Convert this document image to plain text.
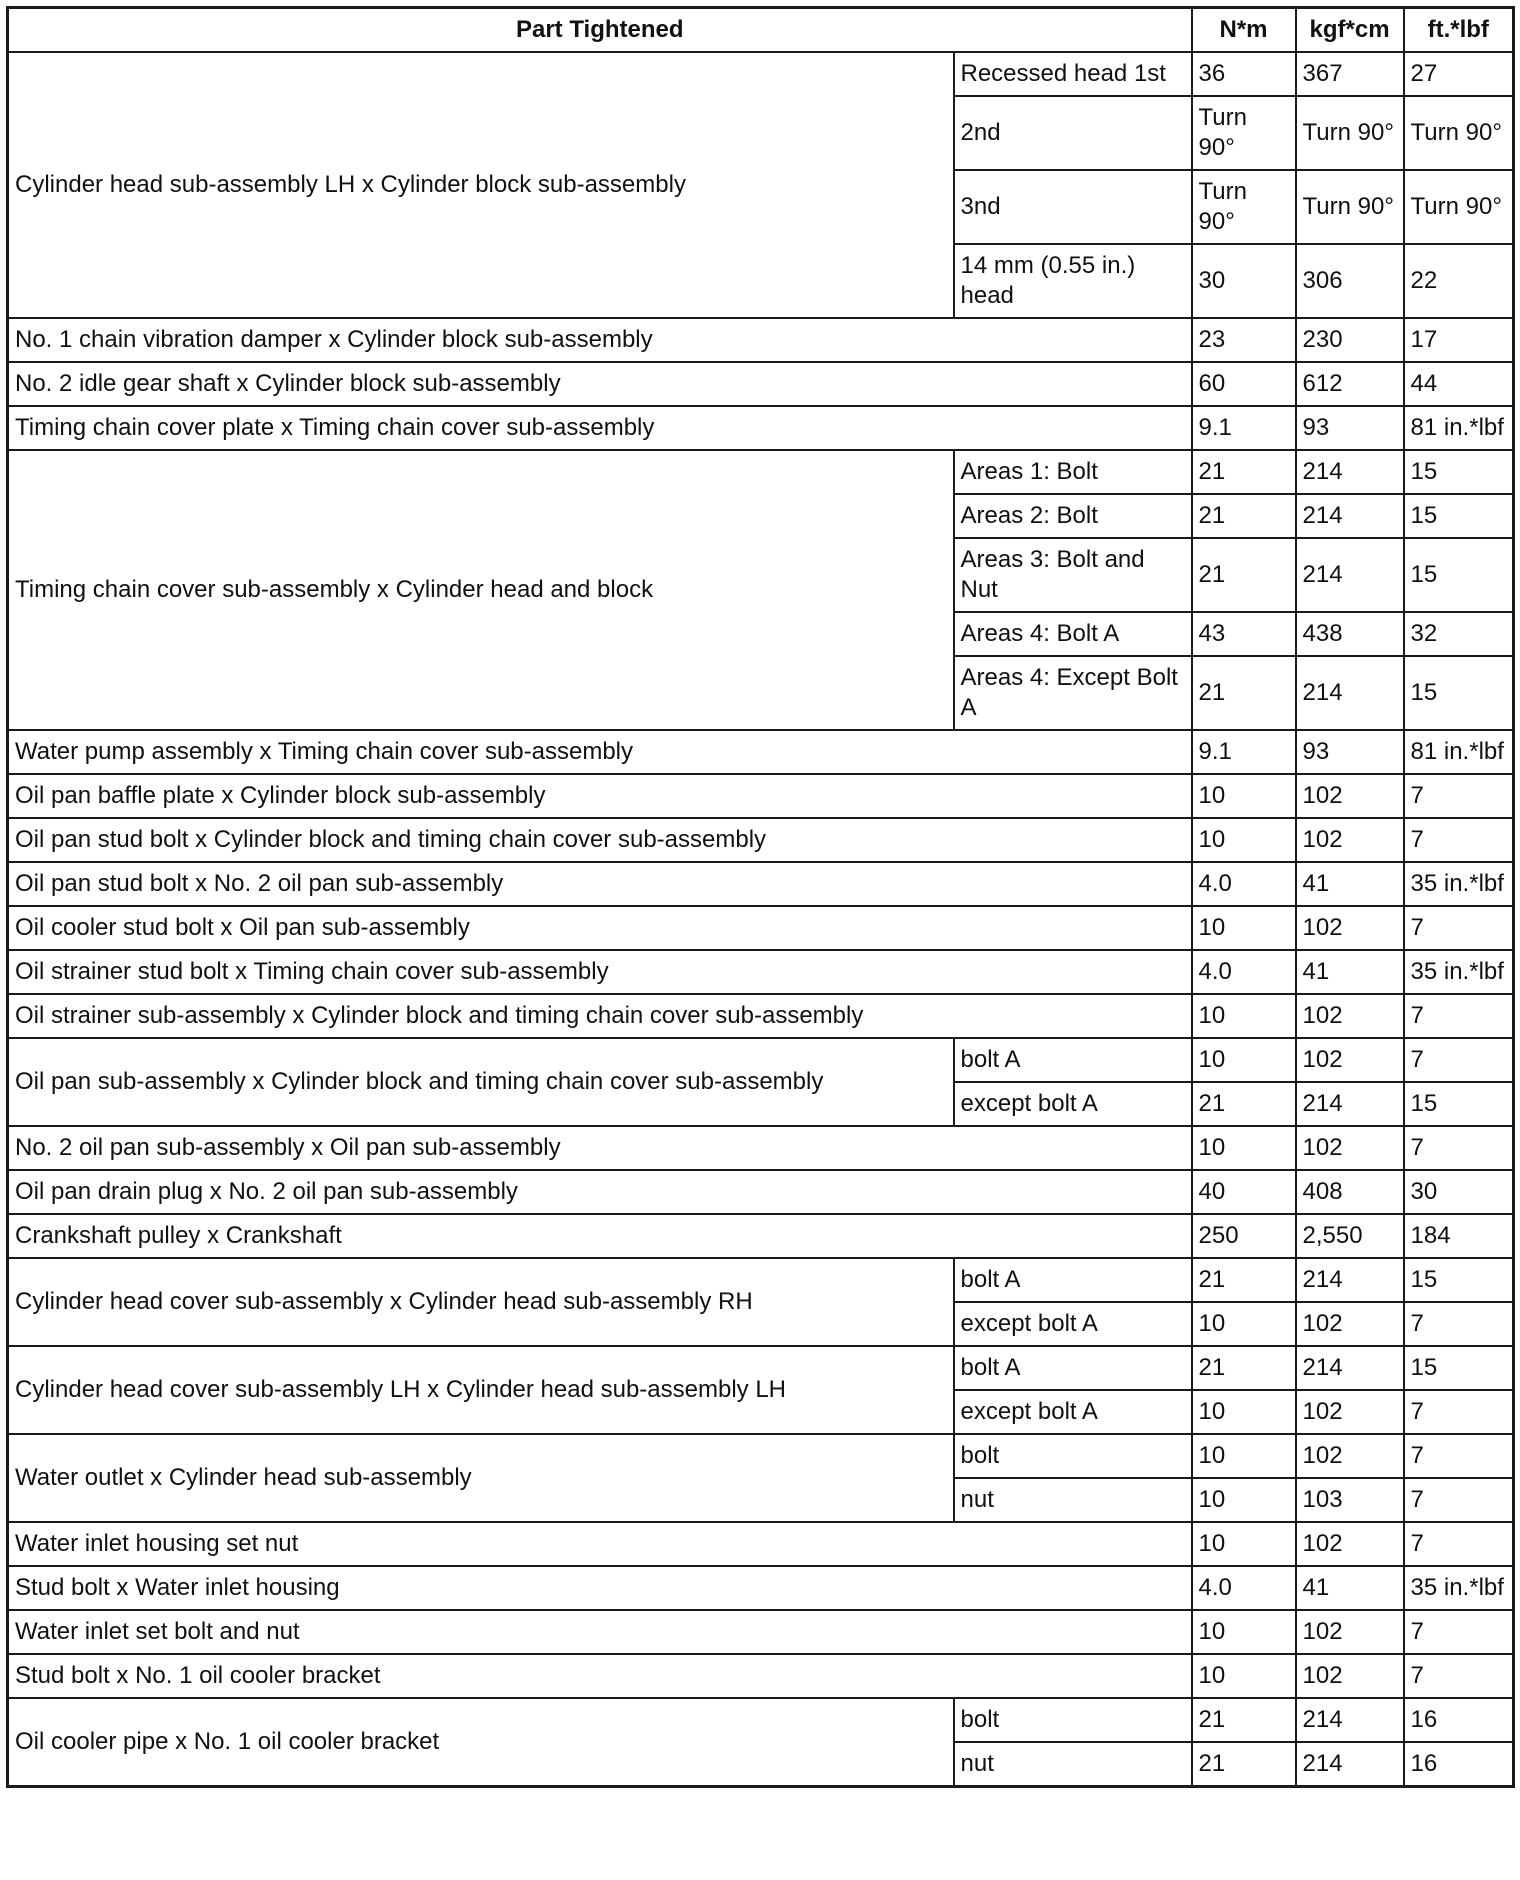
Part Tightened		N*m	kgf*cm	ft.*lbf
Cylinder head sub-assembly LH x Cylinder block sub-assembly	Recessed head 1st	36	367	27
	2nd	Turn 90°	Turn 90°	Turn 90°
	3nd	Turn 90°	Turn 90°	Turn 90°
	14 mm (0.55 in.) head	30	306	22
No. 1 chain vibration damper x Cylinder block sub-assembly		23	230	17
No. 2 idle gear shaft x Cylinder block sub-assembly		60	612	44
Timing chain cover plate x Timing chain cover sub-assembly		9.1	93	81 in.*lbf
Timing chain cover sub-assembly x Cylinder head and block	Areas 1: Bolt	21	214	15
	Areas 2: Bolt	21	214	15
	Areas 3: Bolt and Nut	21	214	15
	Areas 4: Bolt A	43	438	32
	Areas 4: Except Bolt A	21	214	15
Water pump assembly x Timing chain cover sub-assembly		9.1	93	81 in.*lbf
Oil pan baffle plate x Cylinder block sub-assembly		10	102	7
Oil pan stud bolt x Cylinder block and timing chain cover sub-assembly		10	102	7
Oil pan stud bolt x No. 2 oil pan sub-assembly		4.0	41	35 in.*lbf
Oil cooler stud bolt x Oil pan sub-assembly		10	102	7
Oil strainer stud bolt x Timing chain cover sub-assembly		4.0	41	35 in.*lbf
Oil strainer sub-assembly x Cylinder block and timing chain cover sub-assembly		10	102	7
Oil pan sub-assembly x Cylinder block and timing chain cover sub-assembly	bolt A	10	102	7
	except bolt A	21	214	15
No. 2 oil pan sub-assembly x Oil pan sub-assembly		10	102	7
Oil pan drain plug x No. 2 oil pan sub-assembly		40	408	30
Crankshaft pulley x Crankshaft		250	2,550	184
Cylinder head cover sub-assembly x Cylinder head sub-assembly RH	bolt A	21	214	15
	except bolt A	10	102	7
Cylinder head cover sub-assembly LH x Cylinder head sub-assembly LH	bolt A	21	214	15
	except bolt A	10	102	7
Water outlet x Cylinder head sub-assembly	bolt	10	102	7
	nut	10	103	7
Water inlet housing set nut		10	102	7
Stud bolt x Water inlet housing		4.0	41	35 in.*lbf
Water inlet set bolt and nut		10	102	7
Stud bolt x No. 1 oil cooler bracket		10	102	7
Oil cooler pipe x No. 1 oil cooler bracket	bolt	21	214	16
	nut	21	214	16
